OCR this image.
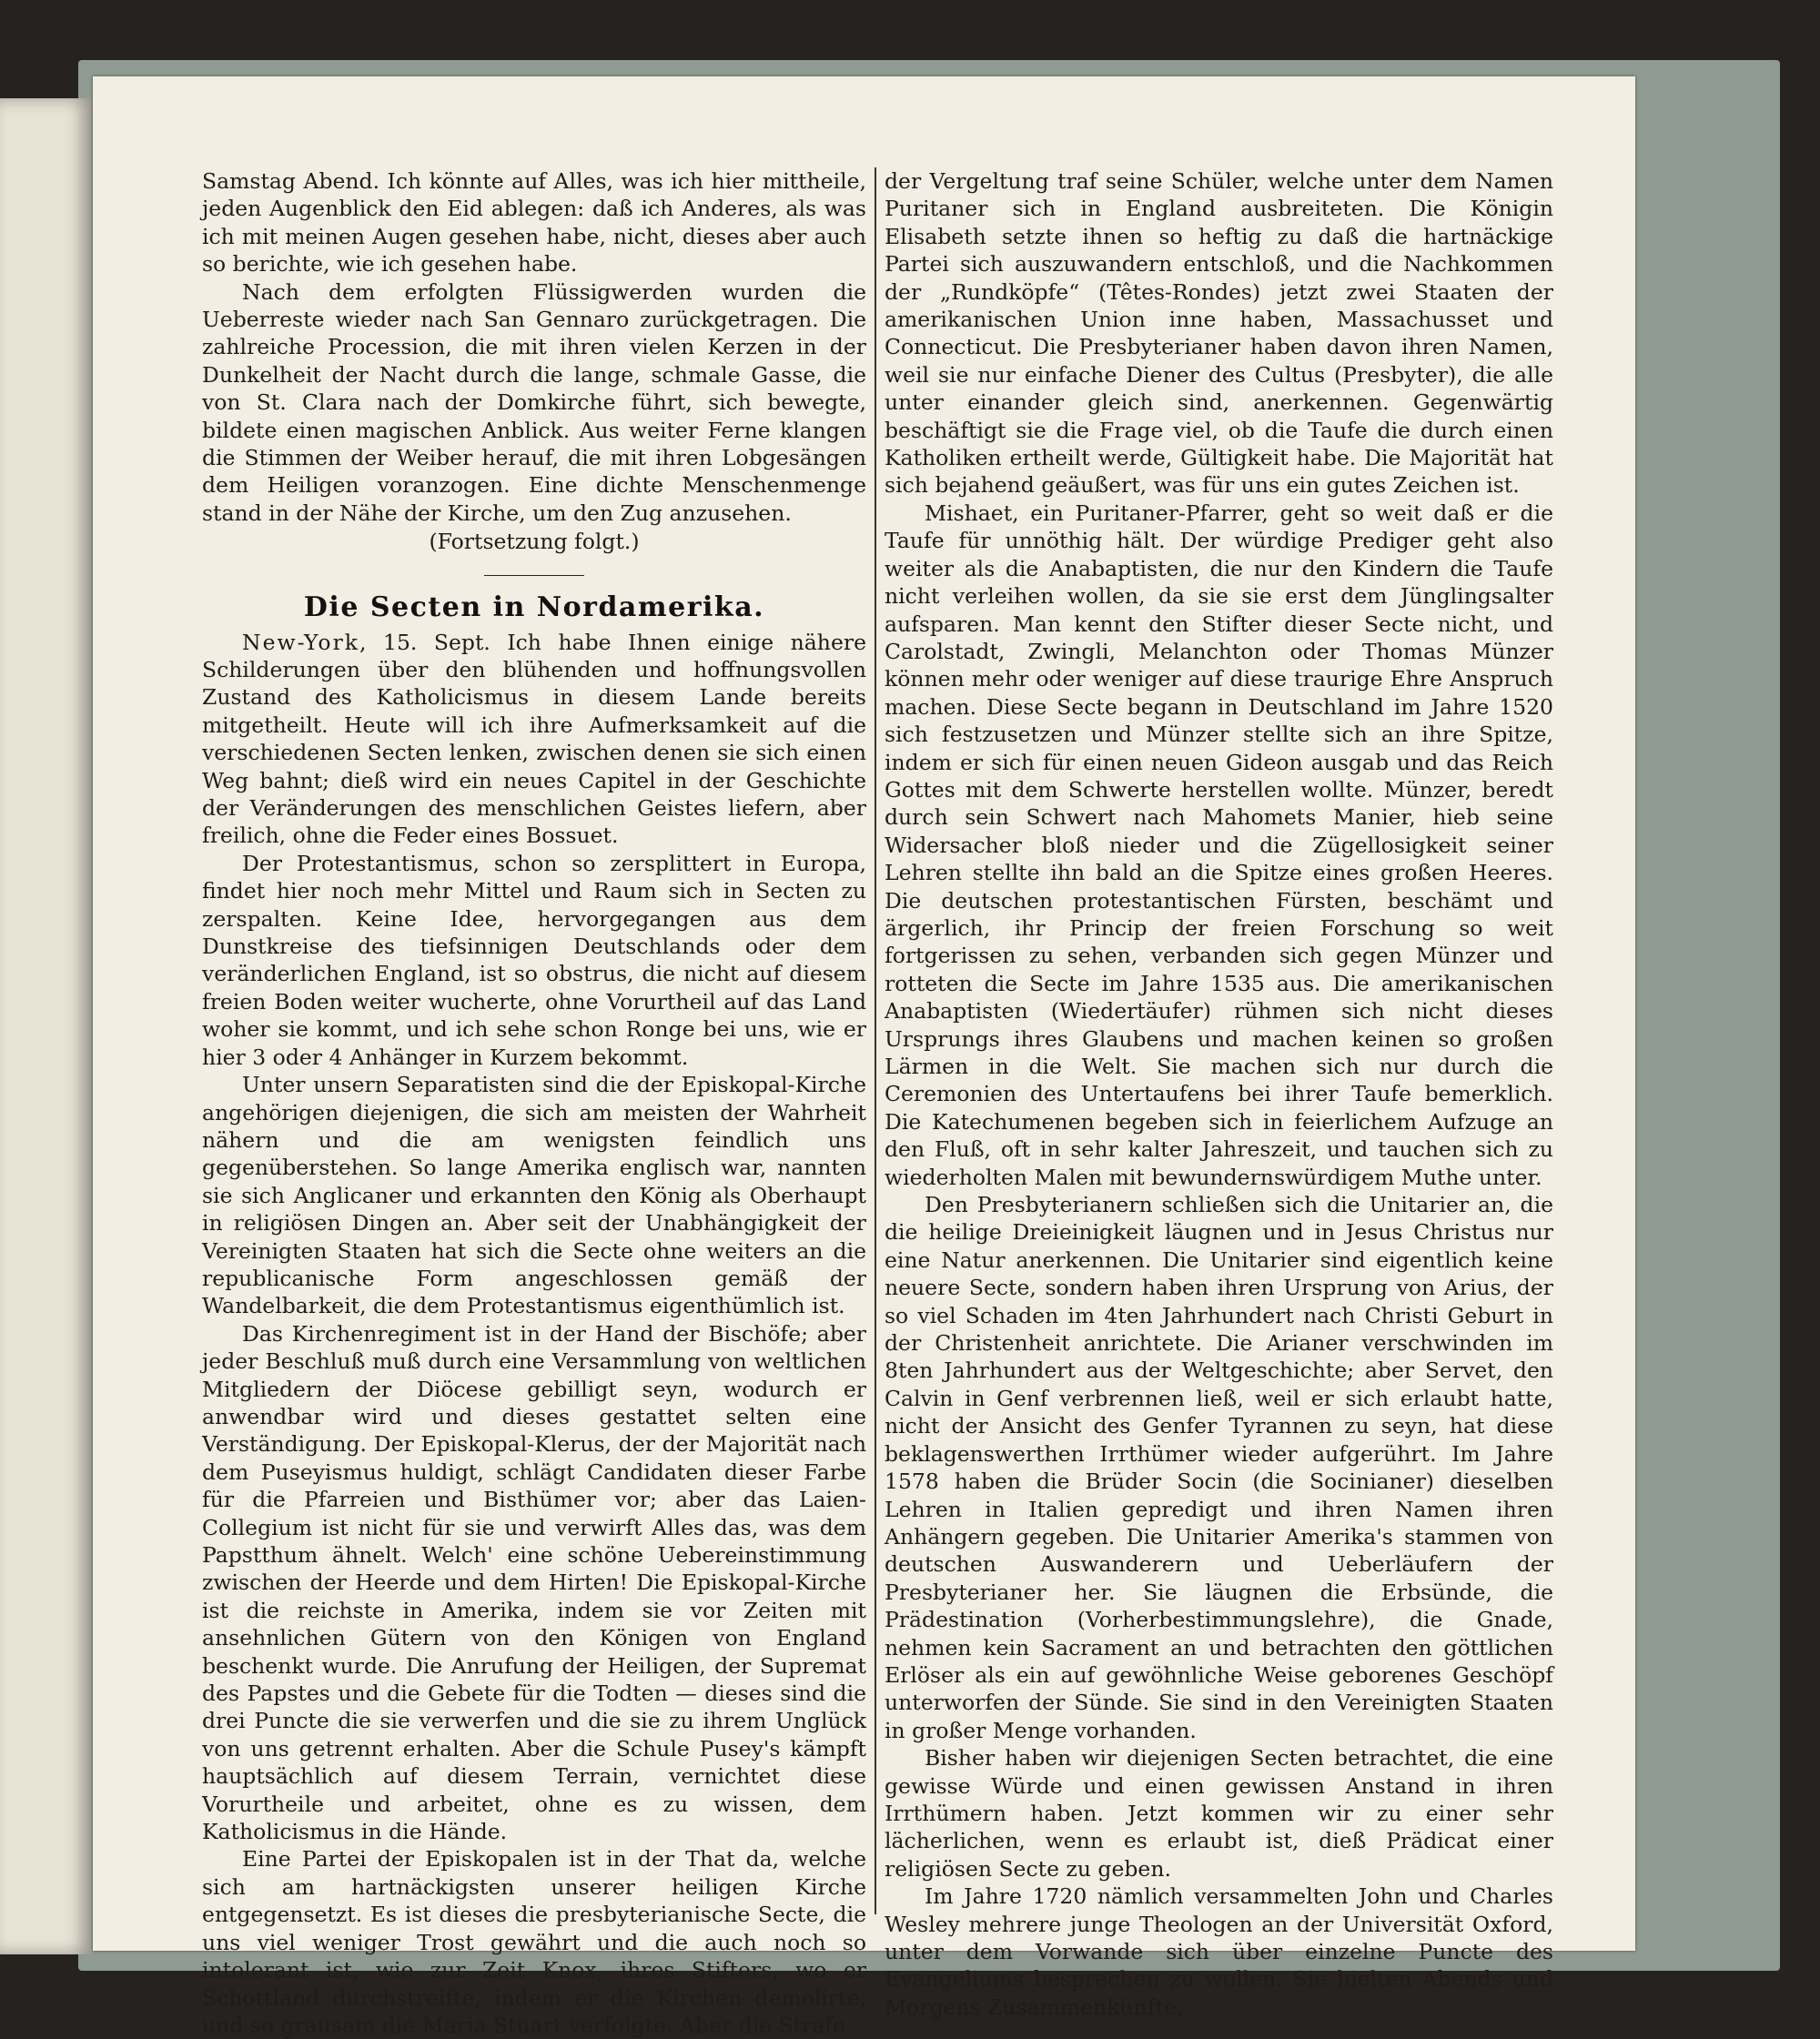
Samstag Abend. Ich könnte auf Alles, was ich hier mittheile, jeden Augenblick den Eid ablegen: daß ich Anderes, als was ich mit meinen Augen gesehen habe, nicht, dieses aber auch so berichte, wie ich gesehen habe.

Nach dem erfolgten Flüssigwerden wurden die Ueberreste wieder nach San Gennaro zurückgetragen. Die zahlreiche Procession, die mit ihren vielen Kerzen in der Dunkelheit der Nacht durch die lange, schmale Gasse, die von St. Clara nach der Domkirche führt, sich bewegte, bildete einen magischen Anblick. Aus weiter Ferne klangen die Stimmen der Weiber herauf, die mit ihren Lobgesängen dem Heiligen voranzogen. Eine dichte Menschenmenge stand in der Nähe der Kirche, um den Zug anzusehen.

(Fortsetzung folgt.)

Die Secten in Nordamerika.

New-York, 15. Sept. Ich habe Ihnen einige nähere Schilderungen über den blühenden und hoffnungsvollen Zustand des Katholicismus in diesem Lande bereits mitgetheilt. Heute will ich ihre Aufmerksamkeit auf die verschiedenen Secten lenken, zwischen denen sie sich einen Weg bahnt; dieß wird ein neues Capitel in der Geschichte der Veränderungen des menschlichen Geistes liefern, aber freilich, ohne die Feder eines Bossuet.

Der Protestantismus, schon so zersplittert in Europa, findet hier noch mehr Mittel und Raum sich in Secten zu zerspalten. Keine Idee, hervorgegangen aus dem Dunstkreise des tiefsinnigen Deutschlands oder dem veränderlichen England, ist so obstrus, die nicht auf diesem freien Boden weiter wucherte, ohne Vorurtheil auf das Land woher sie kommt, und ich sehe schon Ronge bei uns, wie er hier 3 oder 4 Anhänger in Kurzem bekommt.

Unter unsern Separatisten sind die der Episkopal-Kirche angehörigen diejenigen, die sich am meisten der Wahrheit nähern und die am wenigsten feindlich uns gegenüberstehen. So lange Amerika englisch war, nannten sie sich Anglicaner und erkannten den König als Oberhaupt in religiösen Dingen an. Aber seit der Unabhängigkeit der Vereinigten Staaten hat sich die Secte ohne weiters an die republicanische Form angeschlossen gemäß der Wandelbarkeit, die dem Protestantismus eigenthümlich ist.

Das Kirchenregiment ist in der Hand der Bischöfe; aber jeder Beschluß muß durch eine Versammlung von weltlichen Mitgliedern der Diöcese gebilligt seyn, wodurch er anwendbar wird und dieses gestattet selten eine Verständigung. Der Episkopal-Klerus, der der Majorität nach dem Puseyismus huldigt, schlägt Candidaten dieser Farbe für die Pfarreien und Bisthümer vor; aber das Laien-Collegium ist nicht für sie und verwirft Alles das, was dem Papstthum ähnelt. Welch' eine schöne Uebereinstimmung zwischen der Heerde und dem Hirten! Die Episkopal-Kirche ist die reichste in Amerika, indem sie vor Zeiten mit ansehnlichen Gütern von den Königen von England beschenkt wurde. Die Anrufung der Heiligen, der Supremat des Papstes und die Gebete für die Todten — dieses sind die drei Puncte die sie verwerfen und die sie zu ihrem Unglück von uns getrennt erhalten. Aber die Schule Pusey's kämpft hauptsächlich auf diesem Terrain, vernichtet diese Vorurtheile und arbeitet, ohne es zu wissen, dem Katholicismus in die Hände.

Eine Partei der Episkopalen ist in der That da, welche sich am hartnäckigsten unserer heiligen Kirche entgegensetzt. Es ist dieses die presbyterianische Secte, die uns viel weniger Trost gewährt und die auch noch so intolerant ist, wie zur Zeit Knox, ihres Stifters, wo er Schottland durchstreifte, indem er die Kirchen demolirte, und so grausam die Maria Stuart verfolgte. Aber die Strafe

der Vergeltung traf seine Schüler, welche unter dem Namen Puritaner sich in England ausbreiteten. Die Königin Elisabeth setzte ihnen so heftig zu daß die hartnäckige Partei sich auszuwandern entschloß, und die Nachkommen der „Rundköpfe“ (Têtes-Rondes) jetzt zwei Staaten der amerikanischen Union inne haben, Massachusset und Connecticut. Die Presbyterianer haben davon ihren Namen, weil sie nur einfache Diener des Cultus (Presbyter), die alle unter einander gleich sind, anerkennen. Gegenwärtig beschäftigt sie die Frage viel, ob die Taufe die durch einen Katholiken ertheilt werde, Gültigkeit habe. Die Majorität hat sich bejahend geäußert, was für uns ein gutes Zeichen ist.

Mishaet, ein Puritaner-Pfarrer, geht so weit daß er die Taufe für unnöthig hält. Der würdige Prediger geht also weiter als die Anabaptisten, die nur den Kindern die Taufe nicht verleihen wollen, da sie sie erst dem Jünglingsalter aufsparen. Man kennt den Stifter dieser Secte nicht, und Carolstadt, Zwingli, Melanchton oder Thomas Münzer können mehr oder weniger auf diese traurige Ehre Anspruch machen. Diese Secte begann in Deutschland im Jahre 1520 sich festzusetzen und Münzer stellte sich an ihre Spitze, indem er sich für einen neuen Gideon ausgab und das Reich Gottes mit dem Schwerte herstellen wollte. Münzer, beredt durch sein Schwert nach Mahomets Manier, hieb seine Widersacher bloß nieder und die Zügellosigkeit seiner Lehren stellte ihn bald an die Spitze eines großen Heeres. Die deutschen protestantischen Fürsten, beschämt und ärgerlich, ihr Princip der freien Forschung so weit fortgerissen zu sehen, verbanden sich gegen Münzer und rotteten die Secte im Jahre 1535 aus. Die amerikanischen Anabaptisten (Wiedertäufer) rühmen sich nicht dieses Ursprungs ihres Glaubens und machen keinen so großen Lärmen in die Welt. Sie machen sich nur durch die Ceremonien des Untertaufens bei ihrer Taufe bemerklich. Die Katechumenen begeben sich in feierlichem Aufzuge an den Fluß, oft in sehr kalter Jahreszeit, und tauchen sich zu wiederholten Malen mit bewundernswürdigem Muthe unter.

Den Presbyterianern schließen sich die Unitarier an, die die heilige Dreieinigkeit läugnen und in Jesus Christus nur eine Natur anerkennen. Die Unitarier sind eigentlich keine neuere Secte, sondern haben ihren Ursprung von Arius, der so viel Schaden im 4ten Jahrhundert nach Christi Geburt in der Christenheit anrichtete. Die Arianer verschwinden im 8ten Jahrhundert aus der Weltgeschichte; aber Servet, den Calvin in Genf verbrennen ließ, weil er sich erlaubt hatte, nicht der Ansicht des Genfer Tyrannen zu seyn, hat diese beklagenswerthen Irrthümer wieder aufgerührt. Im Jahre 1578 haben die Brüder Socin (die Socinianer) dieselben Lehren in Italien gepredigt und ihren Namen ihren Anhängern gegeben. Die Unitarier Amerika's stammen von deutschen Auswanderern und Ueberläufern der Presbyterianer her. Sie läugnen die Erbsünde, die Prädestination (Vorherbestimmungslehre), die Gnade, nehmen kein Sacrament an und betrachten den göttlichen Erlöser als ein auf gewöhnliche Weise geborenes Geschöpf unterworfen der Sünde. Sie sind in den Vereinigten Staaten in großer Menge vorhanden.

Bisher haben wir diejenigen Secten betrachtet, die eine gewisse Würde und einen gewissen Anstand in ihren Irrthümern haben. Jetzt kommen wir zu einer sehr lächerlichen, wenn es erlaubt ist, dieß Prädicat einer religiösen Secte zu geben.

Im Jahre 1720 nämlich versammelten John und Charles Wesley mehrere junge Theologen an der Universität Oxford, unter dem Vorwande sich über einzelne Puncte des Evangeliums besprechen zu wollen. Sie hielten Abends und Morgens Zusammenkünfte,
